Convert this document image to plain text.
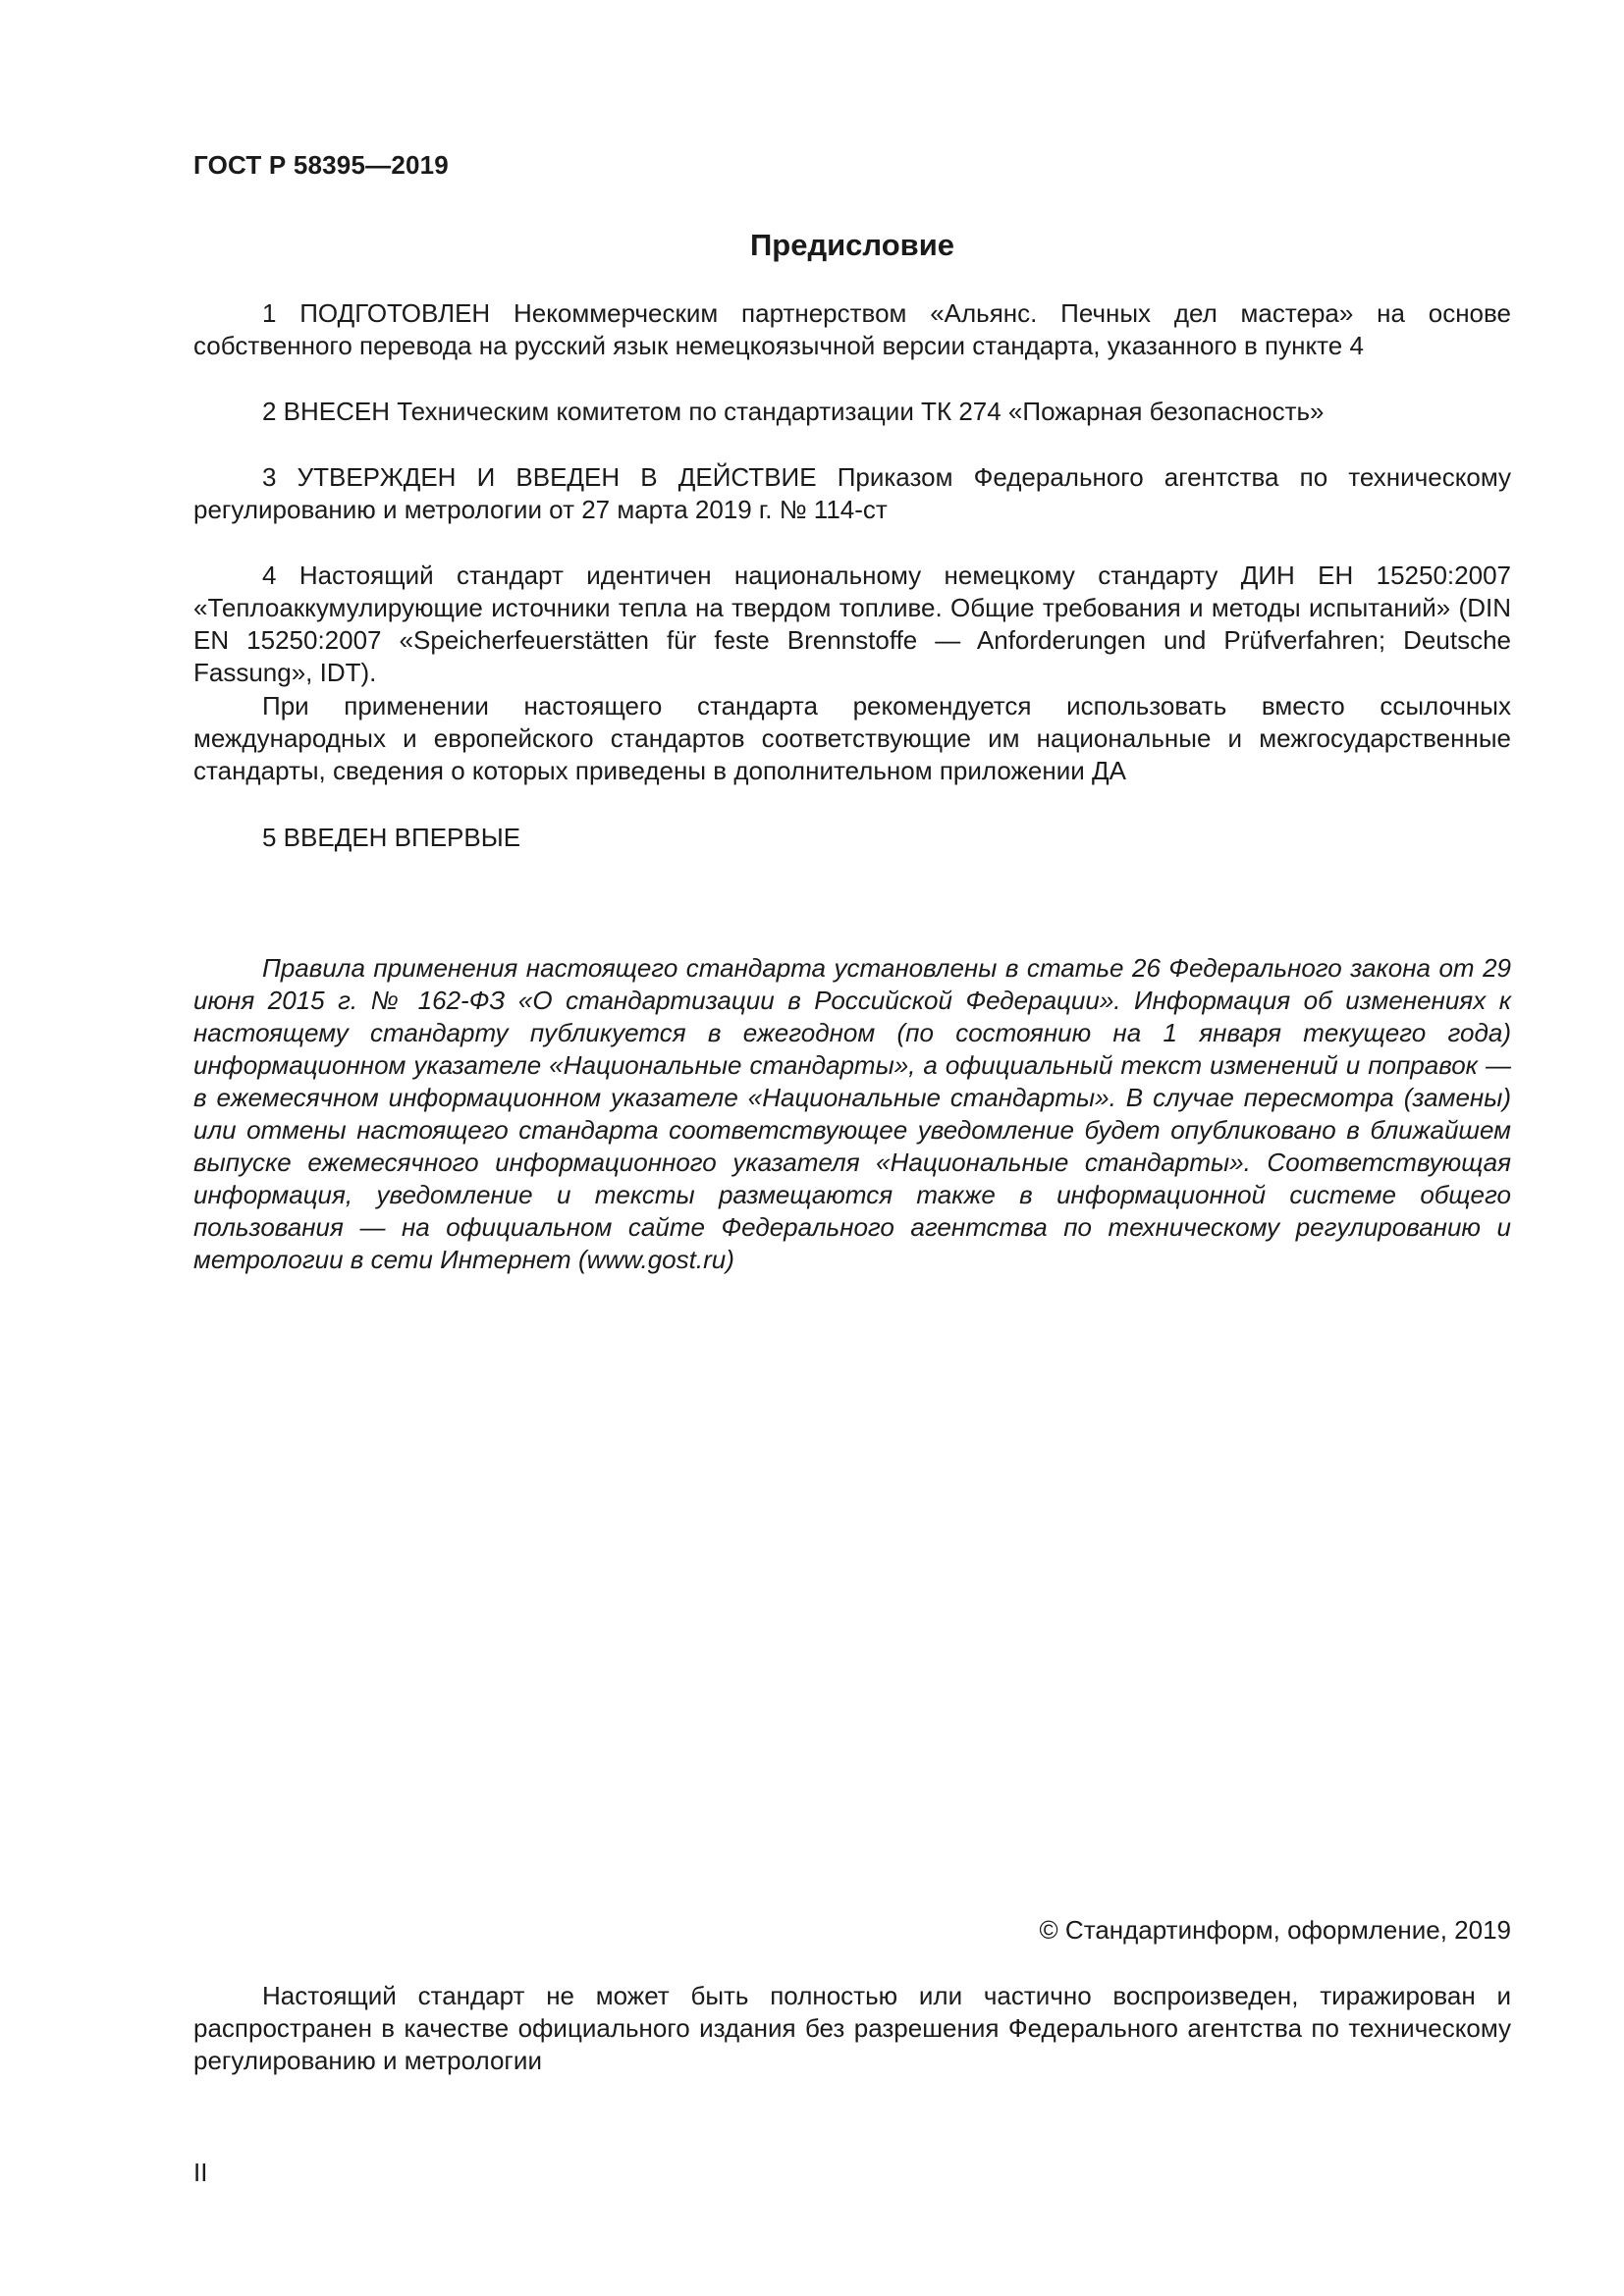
ГОСТ Р 58395—2019
Предисловие

1 ПОДГОТОВЛЕН Некоммерческим партнерством «Альянс. Печных дел мастера» на основе собственного перевода на русский язык немецкоязычной версии стандарта, указанного в пункте 4

2 ВНЕСЕН Техническим комитетом по стандартизации ТК 274 «Пожарная безопасность»

3 УТВЕРЖДЕН И ВВЕДЕН В ДЕЙСТВИЕ Приказом Федерального агентства по техническому регулированию и метрологии от 27 марта 2019 г. № 114-ст

4 Настоящий стандарт идентичен национальному немецкому стандарту ДИН ЕН 15250:2007 «Теплоаккумулирующие источники тепла на твердом топливе. Общие требования и методы испытаний» (DIN EN 15250:2007 «Speicherfeuerstätten für feste Brennstoffe — Anforderungen und Prüfverfahren; Deutsche Fassung», IDT).

При применении настоящего стандарта рекомендуется использовать вместо ссылочных международных и европейского стандартов соответствующие им национальные и межгосударственные стандарты, сведения о которых приведены в дополнительном приложении ДА

5 ВВЕДЕН ВПЕРВЫЕ

Правила применения настоящего стандарта установлены в статье 26 Федерального закона от 29 июня 2015 г. № 162-ФЗ «О стандартизации в Российской Федерации». Информация об изменениях к настоящему стандарту публикуется в ежегодном (по состоянию на 1 января текущего года) информационном указателе «Национальные стандарты», а официальный текст изменений и поправок — в ежемесячном информационном указателе «Национальные стандарты». В случае пересмотра (замены) или отмены настоящего стандарта соответствующее уведомление будет опубликовано в ближайшем выпуске ежемесячного информационного указателя «Национальные стандарты». Соответствующая информация, уведомление и тексты размещаются также в информационной системе общего пользования — на официальном сайте Федерального агентства по техническому регулированию и метрологии в сети Интернет (www.gost.ru)

© Стандартинформ, оформление, 2019

Настоящий стандарт не может быть полностью или частично воспроизведен, тиражирован и распространен в качестве официального издания без разрешения Федерального агентства по техническому регулированию и метрологии

II
